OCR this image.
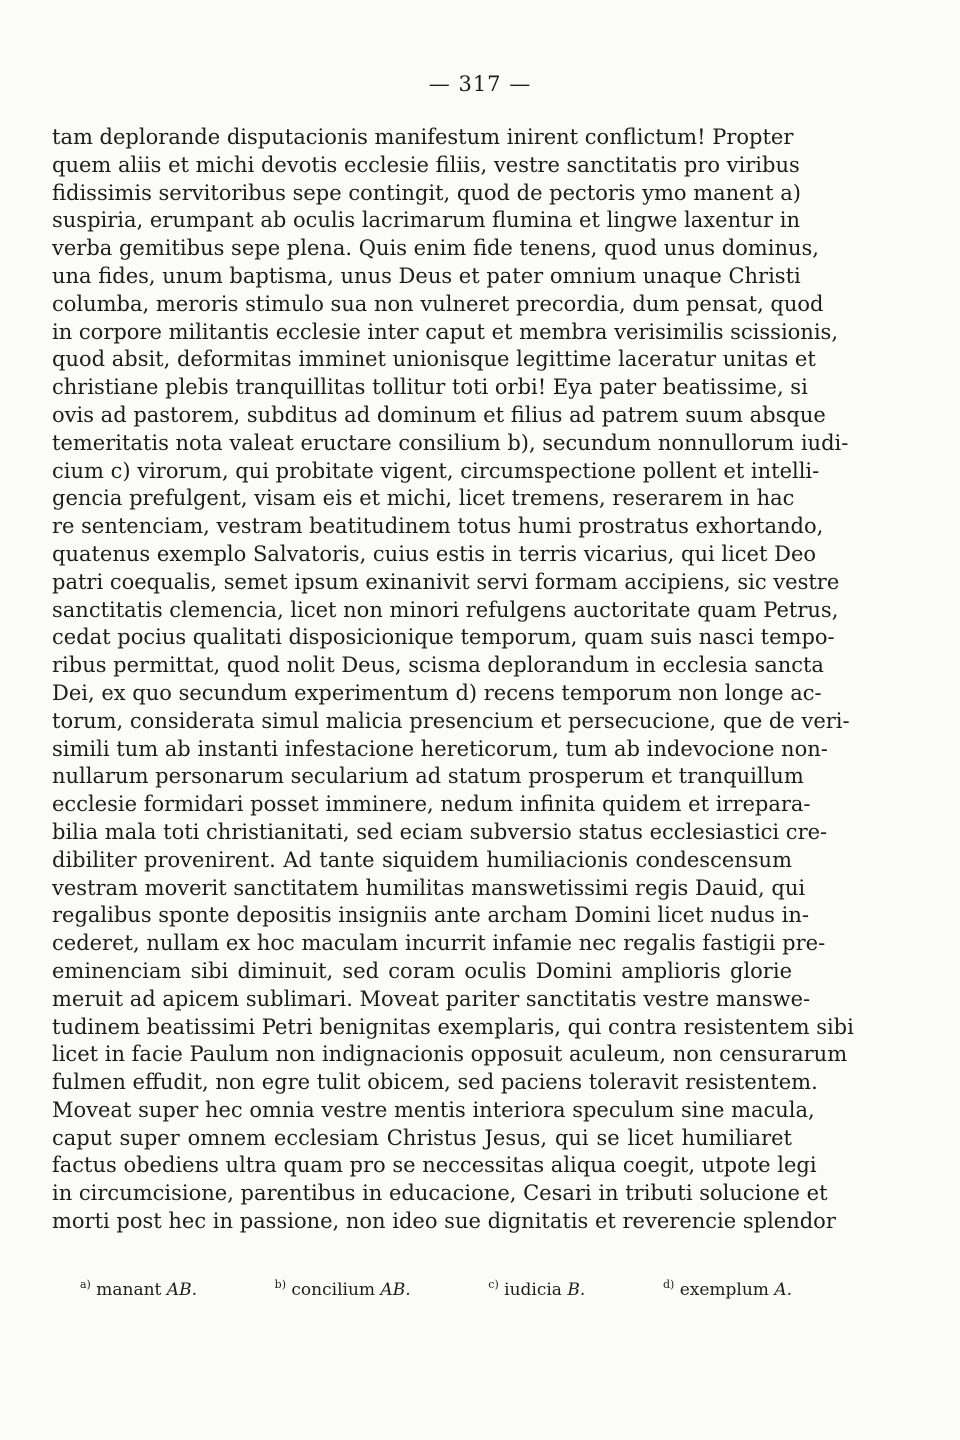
— 317 —
tam deplorande disputacionis manifestum inirent conflictum! Propter
quem aliis et michi devotis ecclesie filiis, vestre sanctitatis pro viribus
fidissimis servitoribus sepe contingit, quod de pectoris ymo manent a)
suspiria, erumpant ab oculis lacrimarum flumina et lingwe laxentur in
verba gemitibus sepe plena. Quis enim fide tenens, quod unus dominus,
una fides, unum baptisma, unus Deus et pater omnium unaque Christi
columba, meroris stimulo sua non vulneret precordia, dum pensat, quod
in corpore militantis ecclesie inter caput et membra verisimilis scissionis,
quod absit, deformitas imminet unionisque legittime laceratur unitas et
christiane plebis tranquillitas tollitur toti orbi! Eya pater beatissime, si
ovis ad pastorem, subditus ad dominum et filius ad patrem suum absque
temeritatis nota valeat eructare consilium b), secundum nonnullorum iudi-
cium c) virorum, qui probitate vigent, circumspectione pollent et intelli-
gencia prefulgent, visam eis et michi, licet tremens, reserarem in hac
re sentenciam, vestram beatitudinem totus humi prostratus exhortando,
quatenus exemplo Salvatoris, cuius estis in terris vicarius, qui licet Deo
patri coequalis, semet ipsum exinanivit servi formam accipiens, sic vestre
sanctitatis clemencia, licet non minori refulgens auctoritate quam Petrus,
cedat pocius qualitati disposicionique temporum, quam suis nasci tempo-
ribus permittat, quod nolit Deus, scisma deplorandum in ecclesia sancta
Dei, ex quo secundum experimentum d) recens temporum non longe ac-
torum, considerata simul malicia presencium et persecucione, que de veri-
simili tum ab instanti infestacione hereticorum, tum ab indevocione non-
nullarum personarum secularium ad statum prosperum et tranquillum
ecclesie formidari posset imminere, nedum infinita quidem et irrepara-
bilia mala toti christianitati, sed eciam subversio status ecclesiastici cre-
dibiliter provenirent. Ad tante siquidem humiliacionis condescensum
vestram moverit sanctitatem humilitas manswetissimi regis Dauid, qui
regalibus sponte depositis insigniis ante archam Domini licet nudus in-
cederet, nullam ex hoc maculam incurrit infamie nec regalis fastigii pre-
eminenciam sibi diminuit, sed coram oculis Domini amplioris glorie
meruit ad apicem sublimari. Moveat pariter sanctitatis vestre manswe-
tudinem beatissimi Petri benignitas exemplaris, qui contra resistentem sibi
licet in facie Paulum non indignacionis opposuit aculeum, non censurarum
fulmen effudit, non egre tulit obicem, sed paciens toleravit resistentem.
Moveat super hec omnia vestre mentis interiora speculum sine macula,
caput super omnem ecclesiam Christus Jesus, qui se licet humiliaret
factus obediens ultra quam pro se neccessitas aliqua coegit, utpote legi
in circumcisione, parentibus in educacione, Cesari in tributi solucione et
morti post hec in passione, non ideo sue dignitatis et reverencie splendor
$^{a)}$ manant AB.	$^{b)}$ concilium AB.	$^{c)}$ iudicia B.	$^{d)}$ exemplum A.
